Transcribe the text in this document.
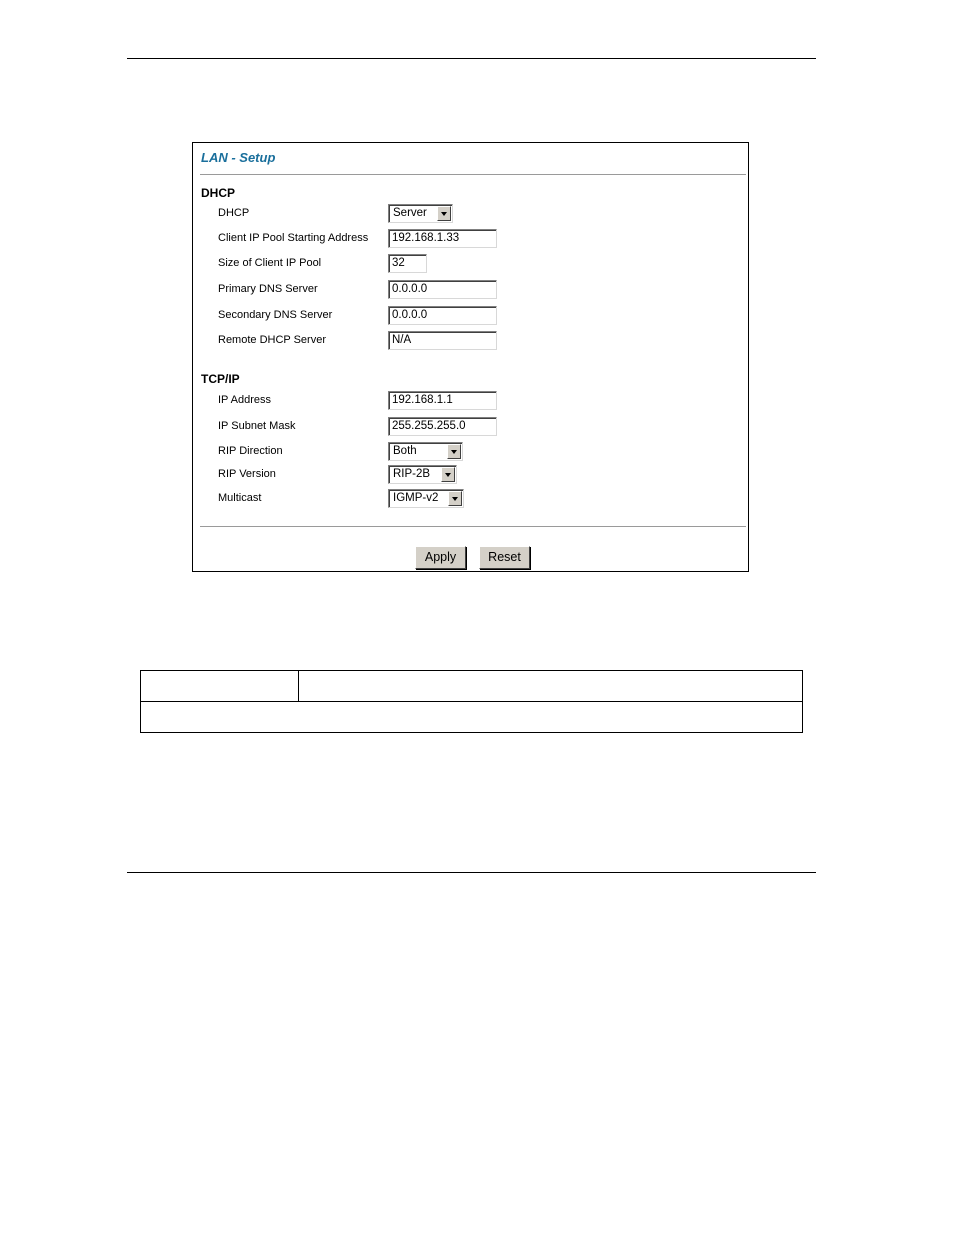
LAN - Setup
DHCP
DHCP	Server
Client IP Pool Starting Address	192.168.1.33
Size of Client IP Pool	32
Primary DNS Server	0.0.0.0
Secondary DNS Server	0.0.0.0
Remote DHCP Server	N/A
TCP/IP
IP Address	192.168.1.1
IP Subnet Mask	255.255.255.0
RIP Direction	Both
RIP Version	RIP-2B
Multicast	IGMP-v2
Apply	Reset
